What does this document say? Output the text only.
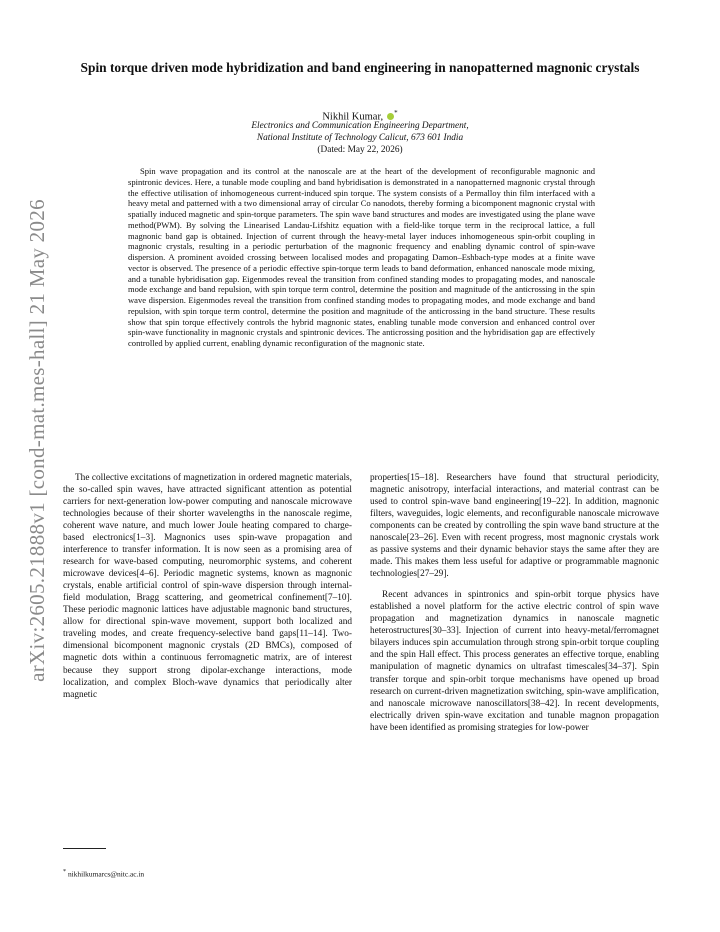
arXiv:2605.21888v1 [cond-mat.mes-hall] 21 May 2026
Spin torque driven mode hybridization and band engineering in nanopatterned magnonic crystals
Nikhil Kumar, *
Electronics and Communication Engineering Department,
National Institute of Technology Calicut, 673 601 India
(Dated: May 22, 2026)
Spin wave propagation and its control at the nanoscale are at the heart of the development of reconfigurable magnonic and spintronic devices. Here, a tunable mode coupling and band hybridisation is demonstrated in a nanopatterned magnonic crystal through the effective utilisation of inhomogeneous current-induced spin torque. The system consists of a Permalloy thin film interfaced with a heavy metal and patterned with a two dimensional array of circular Co nanodots, thereby forming a bicomponent magnonic crystal with spatially induced magnetic and spin-torque parameters. The spin wave band structures and modes are investigated using the plane wave method(PWM). By solving the Linearised Landau-Lifshitz equation with a field-like torque term in the reciprocal lattice, a full magnonic band gap is obtained. Injection of current through the heavy-metal layer induces inhomogeneous spin-orbit coupling in magnonic crystals, resulting in a periodic perturbation of the magnonic frequency and enabling dynamic control of spin-wave dispersion. A prominent avoided crossing between localised modes and propagating Damon–Eshbach-type modes at a finite wave vector is observed. The presence of a periodic effective spin-torque term leads to band deformation, enhanced nanoscale mode mixing, and a tunable hybridisation gap. Eigenmodes reveal the transition from confined standing modes to propagating modes, and nanoscale mode exchange and band repulsion, with spin torque term control, determine the position and magnitude of the anticrossing in the spin wave dispersion. Eigenmodes reveal the transition from confined standing modes to propagating modes, and mode exchange and band repulsion, with spin torque term control, determine the position and magnitude of the anticrossing in the band structure. These results show that spin torque effectively controls the hybrid magnonic states, enabling tunable mode conversion and enhanced control over spin-wave functionality in magnonic crystals and spintronic devices. The anticrossing position and the hybridisation gap are effectively controlled by applied current, enabling dynamic reconfiguration of the magnonic state.

The collective excitations of magnetization in ordered magnetic materials, the so-called spin waves, have attracted significant attention as potential carriers for next-generation low-power computing and nanoscale microwave technologies because of their shorter wavelengths in the nanoscale regime, coherent wave nature, and much lower Joule heating compared to charge-based electronics[1–3]. Magnonics uses spin-wave propagation and interference to transfer information. It is now seen as a promising area of research for wave-based computing, neuromorphic systems, and coherent microwave devices[4–6]. Periodic magnetic systems, known as magnonic crystals, enable artificial control of spin-wave dispersion through internal-field modulation, Bragg scattering, and geometrical confinement[7–10]. These periodic magnonic lattices have adjustable magnonic band structures, allow for directional spin-wave movement, support both localized and traveling modes, and create frequency-selective band gaps[11–14]. Two-dimensional bicomponent magnonic crystals (2D BMCs), composed of magnetic dots within a continuous ferromagnetic matrix, are of interest because they support strong dipolar-exchange interactions, mode localization, and complex Bloch-wave dynamics that periodically alter magnetic

properties[15–18]. Researchers have found that structural periodicity, magnetic anisotropy, interfacial interactions, and material contrast can be used to control spin-wave band engineering[19–22]. In addition, magnonic filters, waveguides, logic elements, and reconfigurable nanoscale microwave components can be created by controlling the spin wave band structure at the nanoscale[23–26]. Even with recent progress, most magnonic crystals work as passive systems and their dynamic behavior stays the same after they are made. This makes them less useful for adaptive or programmable magnonic technologies[27–29].

Recent advances in spintronics and spin-orbit torque physics have established a novel platform for the active electric control of spin wave propagation and magnetization dynamics in nanoscale magnetic heterostructures[30–33]. Injection of current into heavy-metal/ferromagnet bilayers induces spin accumulation through strong spin-orbit torque coupling and the spin Hall effect. This process generates an effective torque, enabling manipulation of magnetic dynamics on ultrafast timescales[34–37]. Spin transfer torque and spin-orbit torque mechanisms have opened up broad research on current-driven magnetization switching, spin-wave amplification, and nanoscale microwave nanoscillators[38–42]. In recent developments, electrically driven spin-wave excitation and tunable magnon propagation have been identified as promising strategies for low-power

* nikhilkumarcs@nitc.ac.in
